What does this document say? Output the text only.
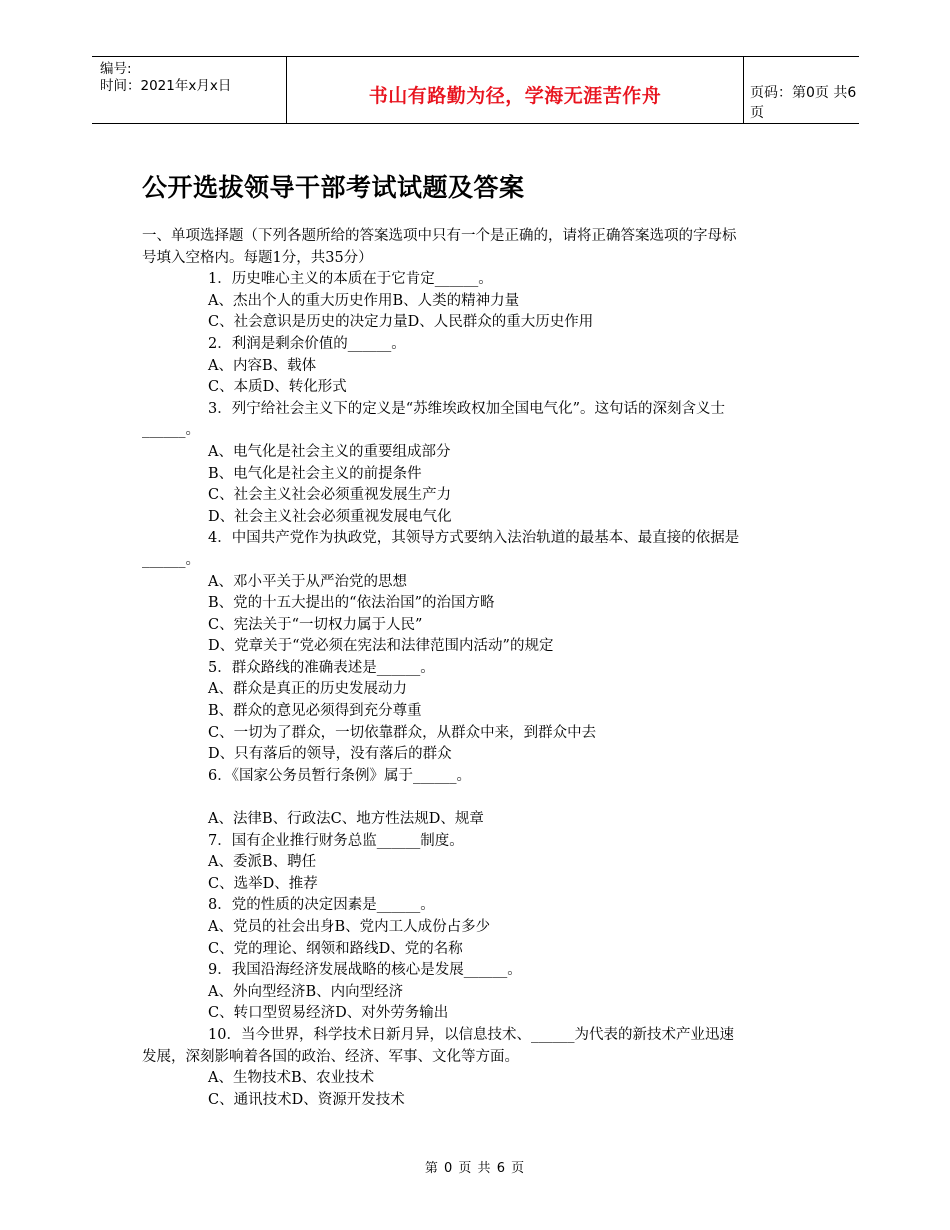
编号:
时间：2021年x月x日	书山有路勤为径，学海无涯苦作舟	页码：第0页 共6页
公开选拔领导干部考试试题及答案
一、单项选择题（下列各题所给的答案选项中只有一个是正确的，请将正确答案选项的字母标
号填入空格内。每题1分，共35分）
1．历史唯心主义的本质在于它肯定______。
A、杰出个人的重大历史作用B、人类的精神力量
C、社会意识是历史的决定力量D、人民群众的重大历史作用
2．利润是剩余价值的______。
A、内容B、载体
C、本质D、转化形式
3．列宁给社会主义下的定义是“苏维埃政权加全国电气化”。这句话的深刻含义士
______。
A、电气化是社会主义的重要组成部分
B、电气化是社会主义的前提条件
C、社会主义社会必须重视发展生产力
D、社会主义社会必须重视发展电气化
4．中国共产党作为执政党，其领导方式要纳入法治轨道的最基本、最直接的依据是
______。
A、邓小平关于从严治党的思想
B、党的十五大提出的“依法治国”的治国方略
C、宪法关于“一切权力属于人民”
D、党章关于“党必须在宪法和法律范围内活动”的规定
5．群众路线的准确表述是______。
A、群众是真正的历史发展动力
B、群众的意见必须得到充分尊重
C、一切为了群众，一切依靠群众，从群众中来，到群众中去
D、只有落后的领导，没有落后的群众
6．《国家公务员暂行条例》属于______。
A、法律B、行政法C、地方性法规D、规章
7．国有企业推行财务总监______制度。
A、委派B、聘任
C、选举D、推荐
8．党的性质的决定因素是______。
A、党员的社会出身B、党内工人成份占多少
C、党的理论、纲领和路线D、党的名称
9．我国沿海经济发展战略的核心是发展______。
A、外向型经济B、内向型经济
C、转口型贸易经济D、对外劳务输出
10．当今世界，科学技术日新月异，以信息技术、______为代表的新技术产业迅速
发展，深刻影响着各国的政治、经济、军事、文化等方面。
A、生物技术B、农业技术
C、通讯技术D、资源开发技术
第 0 页 共 6 页
